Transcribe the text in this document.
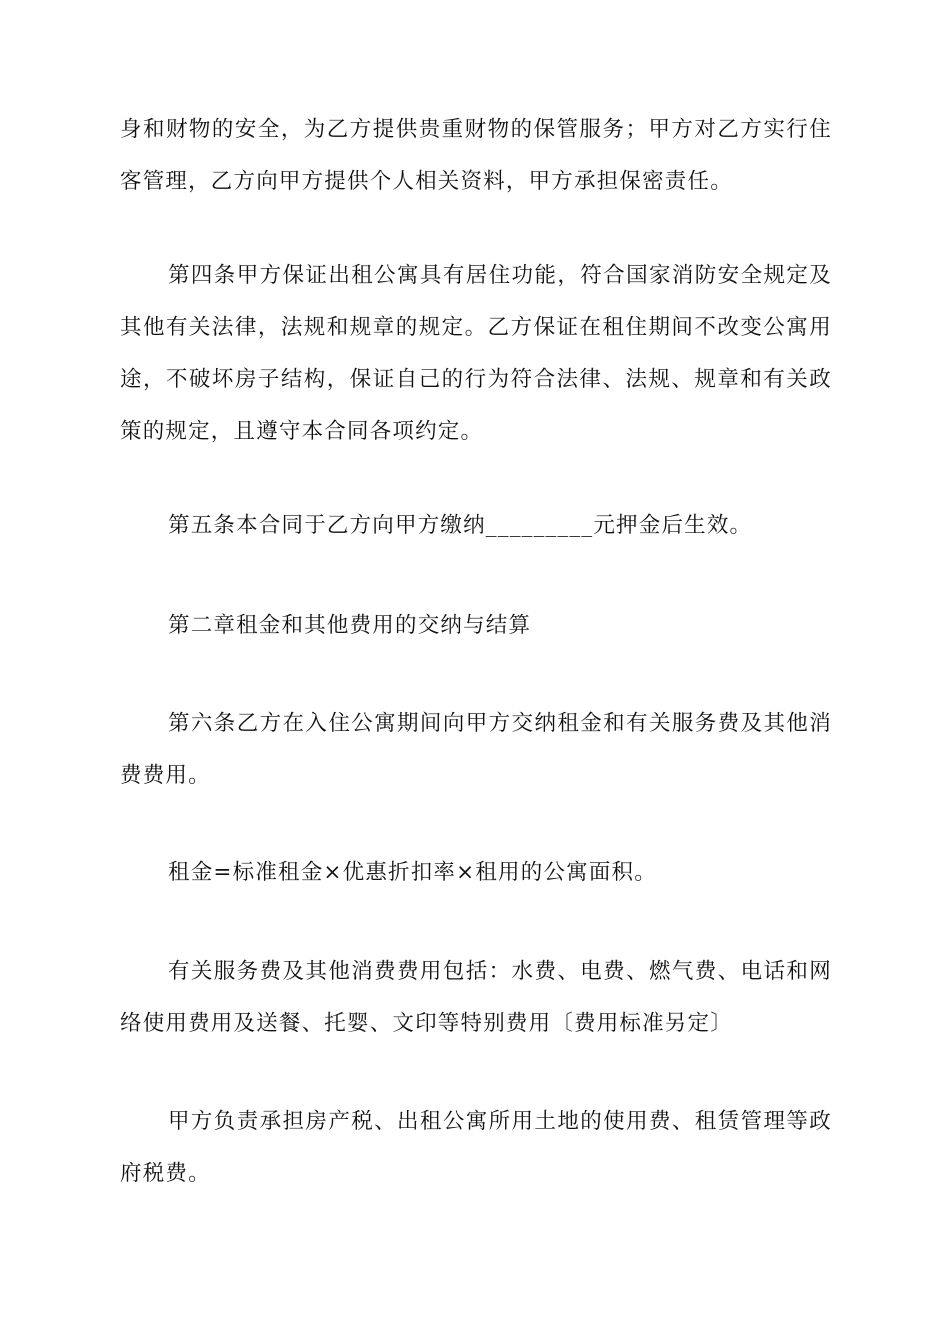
身和财物的安全，为乙方提供贵重财物的保管服务；甲方对乙方实行住客管理，乙方向甲方提供个人相关资料，甲方承担保密责任。

第四条甲方保证出租公寓具有居住功能，符合国家消防安全规定及其他有关法律，法规和规章的规定。乙方保证在租住期间不改变公寓用途，不破坏房子结构，保证自己的行为符合法律、法规、规章和有关政策的规定，且遵守本合同各项约定。

第五条本合同于乙方向甲方缴纳_________元押金后生效。

第二章租金和其他费用的交纳与结算

第六条乙方在入住公寓期间向甲方交纳租金和有关服务费及其他消费费用。

租金=标准租金×优惠折扣率×租用的公寓面积。

有关服务费及其他消费费用包括：水费、电费、燃气费、电话和网络使用费用及送餐、托婴、文印等特别费用〔费用标准另定〕

甲方负责承担房产税、出租公寓所用土地的使用费、租赁管理等政府税费。
